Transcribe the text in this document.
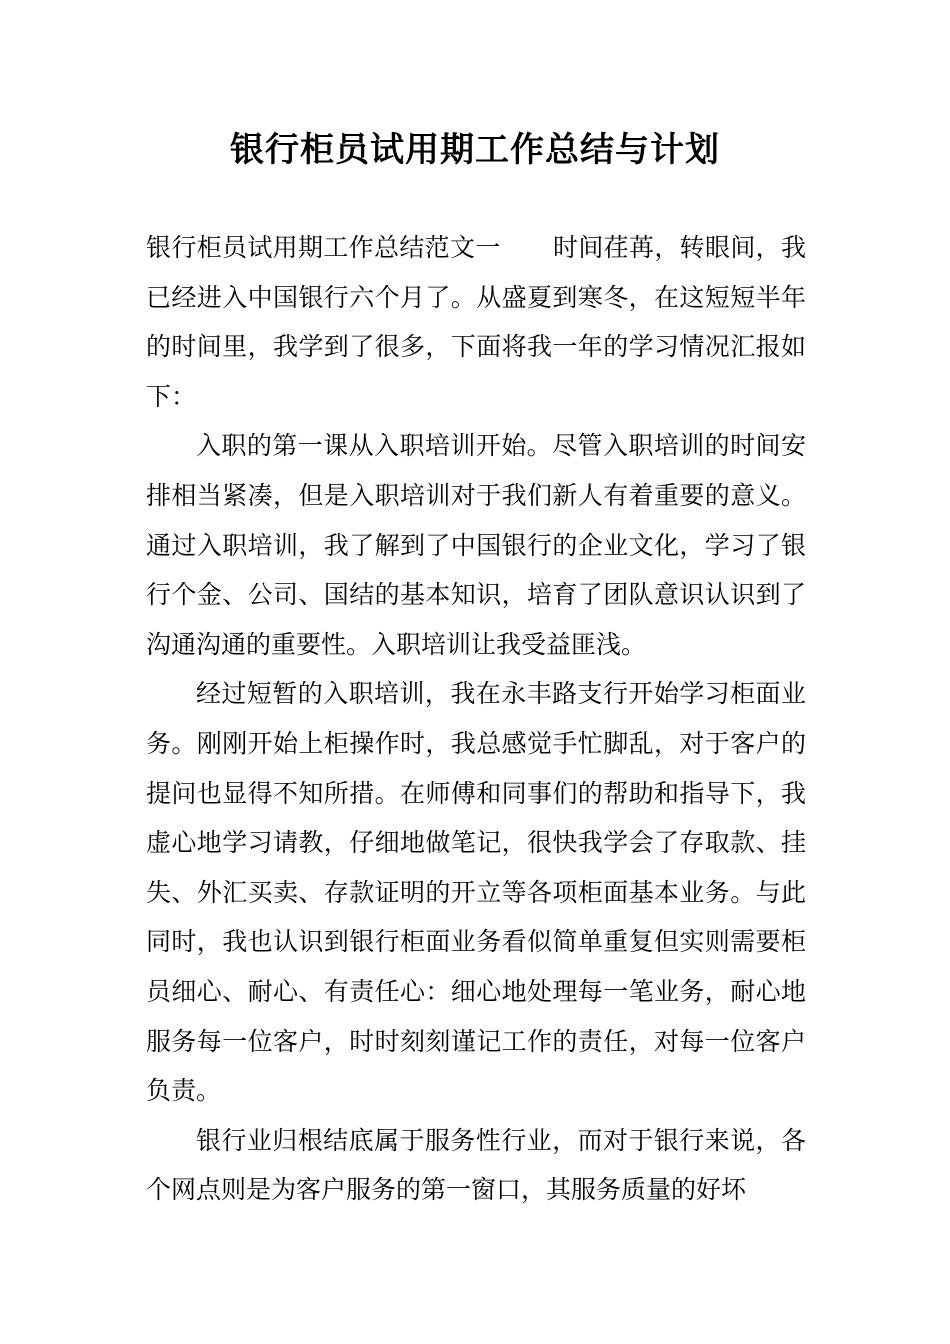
银行柜员试用期工作总结与计划

银行柜员试用期工作总结范文一 时间荏苒，转眼间，我已经进入中国银行六个月了。从盛夏到寒冬，在这短短半年的时间里，我学到了很多，下面将我一年的学习情况汇报如下：

入职的第一课从入职培训开始。尽管入职培训的时间安排相当紧凑，但是入职培训对于我们新人有着重要的意义。通过入职培训，我了解到了中国银行的企业文化，学习了银行个金、公司、国结的基本知识，培育了团队意识认识到了沟通沟通的重要性。入职培训让我受益匪浅。

经过短暂的入职培训，我在永丰路支行开始学习柜面业务。刚刚开始上柜操作时，我总感觉手忙脚乱，对于客户的提问也显得不知所措。在师傅和同事们的帮助和指导下，我虚心地学习请教，仔细地做笔记，很快我学会了存取款、挂失、外汇买卖、存款证明的开立等各项柜面基本业务。与此同时，我也认识到银行柜面业务看似简单重复但实则需要柜员细心、耐心、有责任心：细心地处理每一笔业务，耐心地服务每一位客户，时时刻刻谨记工作的责任，对每一位客户负责。

银行业归根结底属于服务性行业，而对于银行来说，各个网点则是为客户服务的第一窗口，其服务质量的好坏
